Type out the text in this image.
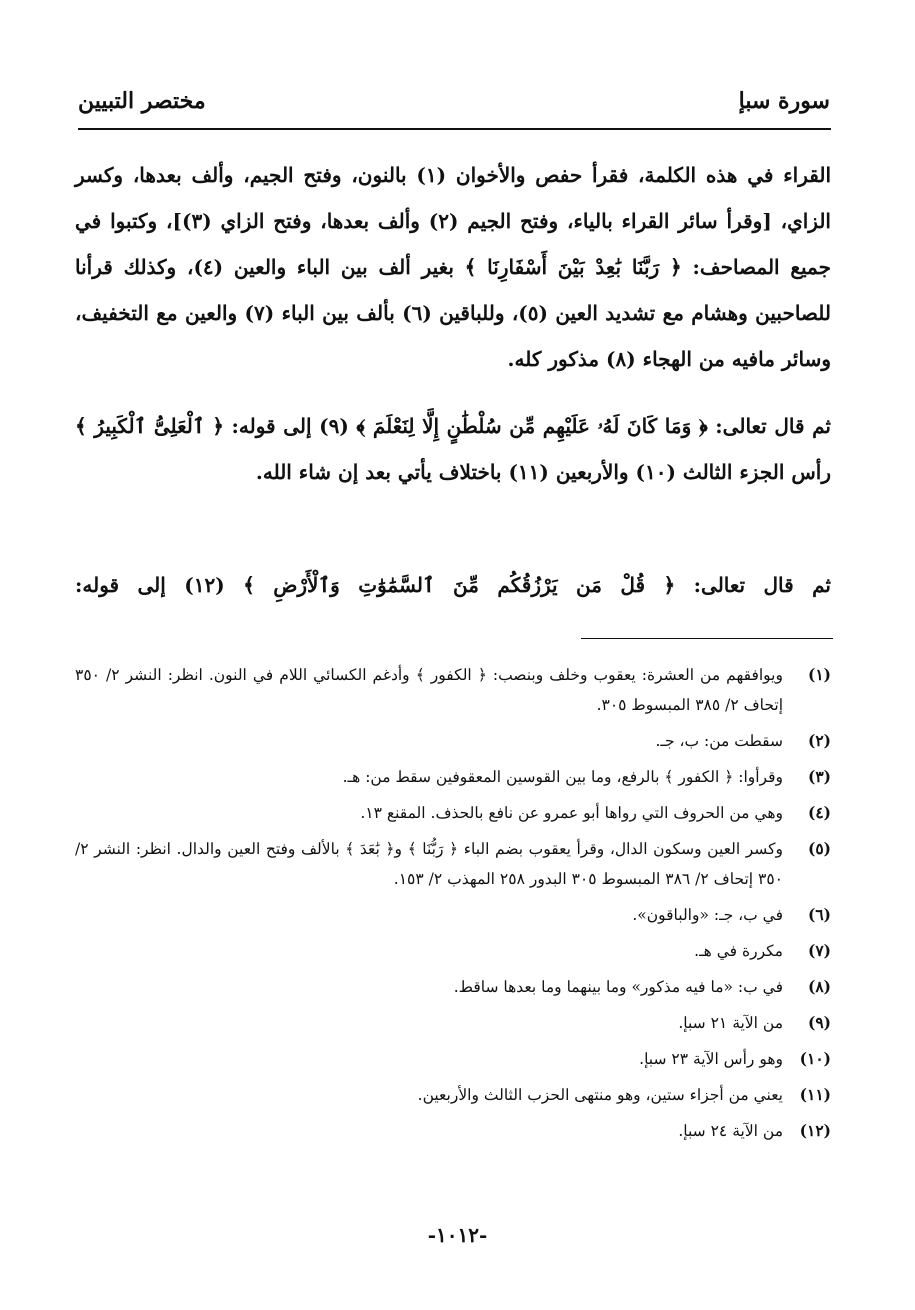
سورة سبإ
مختصر التبيين
القراء في هذه الكلمة، فقرأ حفص والأخوان (١) بالنون، وفتح الجيم، وألف بعدها، وكسر الزاي، [وقرأ سائر القراء بالياء، وفتح الجيم (٢) وألف بعدها، وفتح الزاي (٣)]، وكتبوا في جميع المصاحف: ﴿ رَبَّنَا بَٰعِدْ بَيْنَ أَسْفَارِنَا ﴾ بغير ألف بين الباء والعين (٤)، وكذلك قرأنا للصاحبين وهشام مع تشديد العين (٥)، وللباقين (٦) بألف بين الباء (٧) والعين مع التخفيف، وسائر مافيه من الهجاء (٨) مذكور كله.
ثم قال تعالى: ﴿ وَمَا كَانَ لَهُۥ عَلَيْهِم مِّن سُلْطَٰنٍ إِلَّا لِنَعْلَمَ ﴾ (٩) إلى قوله: ﴿ ٱلْعَلِىُّ ٱلْكَبِيرُ ﴾ رأس الجزء الثالث (١٠) والأربعين (١١) باختلاف يأتي بعد إن شاء الله.
ثم قال تعالى: ﴿ قُلْ مَن يَرْزُقُكُم مِّنَ ٱلسَّمَٰوَٰتِ وَٱلْأَرْضِ ﴾ (١٢) إلى قوله:
(١)
ويوافقهم من العشرة: يعقوب وخلف وبنصب: ﴿ الكفور ﴾ وأدغم الكسائي اللام في النون. انظر: النشر ٢/ ٣٥٠ إتحاف ٢/ ٣٨٥ المبسوط ٣٠٥.
(٢)
سقطت من: ب، جـ.
(٣)
وقرأوا: ﴿ الكفور ﴾ بالرفع، وما بين القوسين المعقوفين سقط من: هـ.
(٤)
وهي من الحروف التي رواها أبو عمرو عن نافع بالحذف. المقنع ١٣.
(٥)
وكسر العين وسكون الدال، وقرأ يعقوب بضم الباء ﴿ رَبُّنَا ﴾ و﴿ بَٰعَدَ ﴾ بالألف وفتح العين والدال. انظر: النشر ٢/ ٣٥٠ إتحاف ٢/ ٣٨٦ المبسوط ٣٠٥ البدور ٢٥٨ المهذب ٢/ ١٥٣.
(٦)
في ب، جـ: «والباقون».
(٧)
مكررة في هـ.
(٨)
في ب: «ما فيه مذكور» وما بينهما وما بعدها ساقط.
(٩)
من الآية ٢١ سبإ.
(١٠)
وهو رأس الآية ٢٣ سبإ.
(١١)
يعني من أجزاء ستين، وهو منتهى الحزب الثالث والأربعين.
(١٢)
من الآية ٢٤ سبإ.
-١٠١٢-
